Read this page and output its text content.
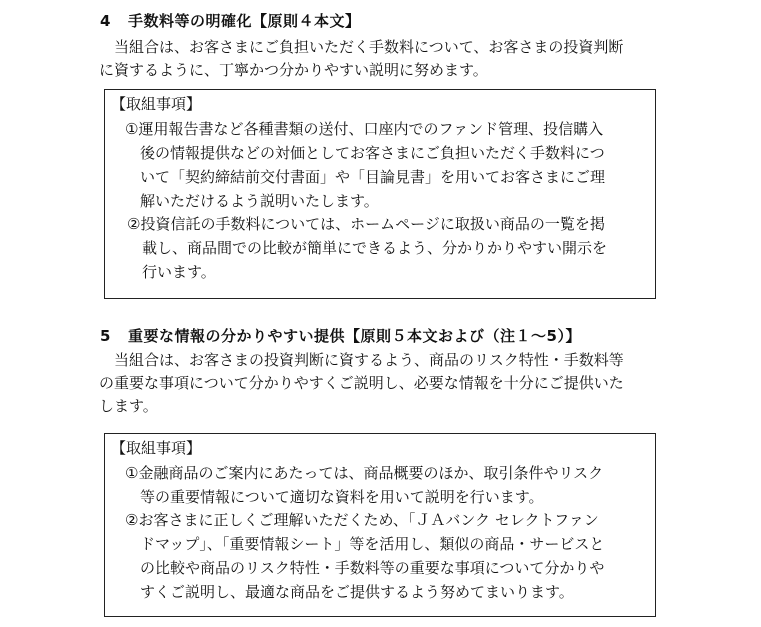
4 手数料等の明確化【原則４本文】
　当組合は、お客さまにご負担いただく手数料について、お客さまの投資判断
に資するように、丁寧かつ分かりやすい説明に努めます。
【取組事項】
①運用報告書など各種書類の送付、口座内でのファンド管理、投信購入
　後の情報提供などの対価としてお客さまにご負担いただく手数料につ
　いて「契約締結前交付書面」や「目論見書」を用いてお客さまにご理
　解いただけるよう説明いたします。
②投資信託の手数料については、ホームページに取扱い商品の一覧を掲
　載し、商品間での比較が簡単にできるよう、分かりかりやすい開示を
　行います。
5 重要な情報の分かりやすい提供【原則５本文および（注１～5）】
　当組合は、お客さまの投資判断に資するよう、商品のリスク特性・手数料等
の重要な事項について分かりやすくご説明し、必要な情報を十分にご提供いた
します。
【取組事項】
①金融商品のご案内にあたっては、商品概要のほか、取引条件やリスク
　等の重要情報について適切な資料を用いて説明を行います。
②お客さまに正しくご理解いただくため、「ＪＡバンク セレクトファン
　ドマップ」、「重要情報シート」等を活用し、類似の商品・サービスと
　の比較や商品のリスク特性・手数料等の重要な事項について分かりや
　すくご説明し、最適な商品をご提供するよう努めてまいります。
